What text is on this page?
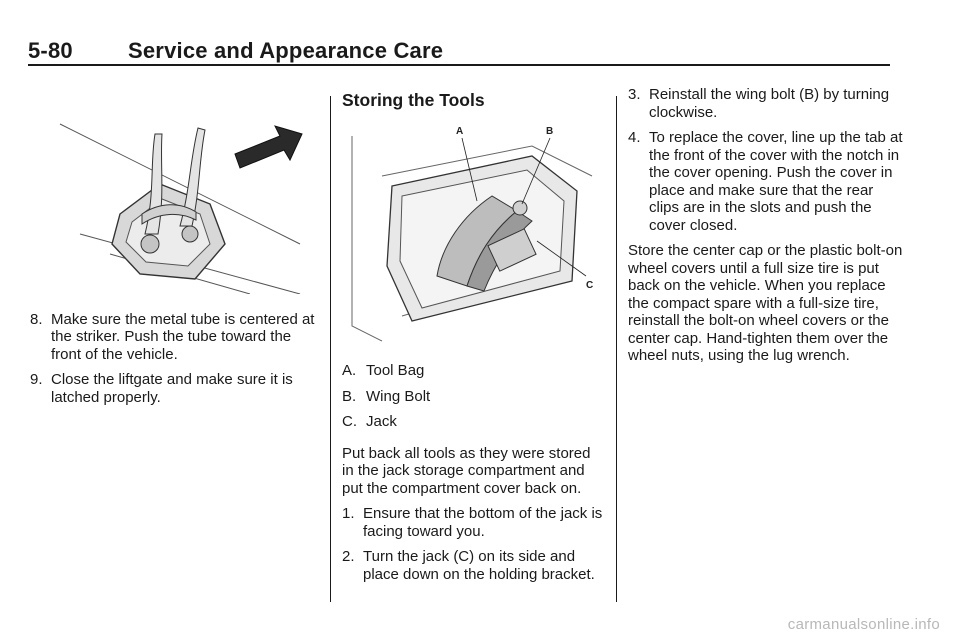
5-80	Service and Appearance Care
8. Make sure the metal tube is centered at the striker. Push the tube toward the front of the vehicle.
9. Close the liftgate and make sure it is latched properly.
Storing the Tools
A	B
C
A. Tool Bag
B. Wing Bolt
C. Jack
Put back all tools as they were stored in the jack storage compartment and put the compartment cover back on.
1. Ensure that the bottom of the jack is facing toward you.
2. Turn the jack (C) on its side and place down on the holding bracket.
3. Reinstall the wing bolt (B) by turning clockwise.
4. To replace the cover, line up the tab at the front of the cover with the notch in the cover opening. Push the cover in place and make sure that the rear clips are in the slots and push the cover closed.
Store the center cap or the plastic bolt-on wheel covers until a full size tire is put back on the vehicle. When you replace the compact spare with a full-size tire, reinstall the bolt-on wheel covers or the center cap. Hand-tighten them over the wheel nuts, using the lug wrench.
carmanualsonline.info
